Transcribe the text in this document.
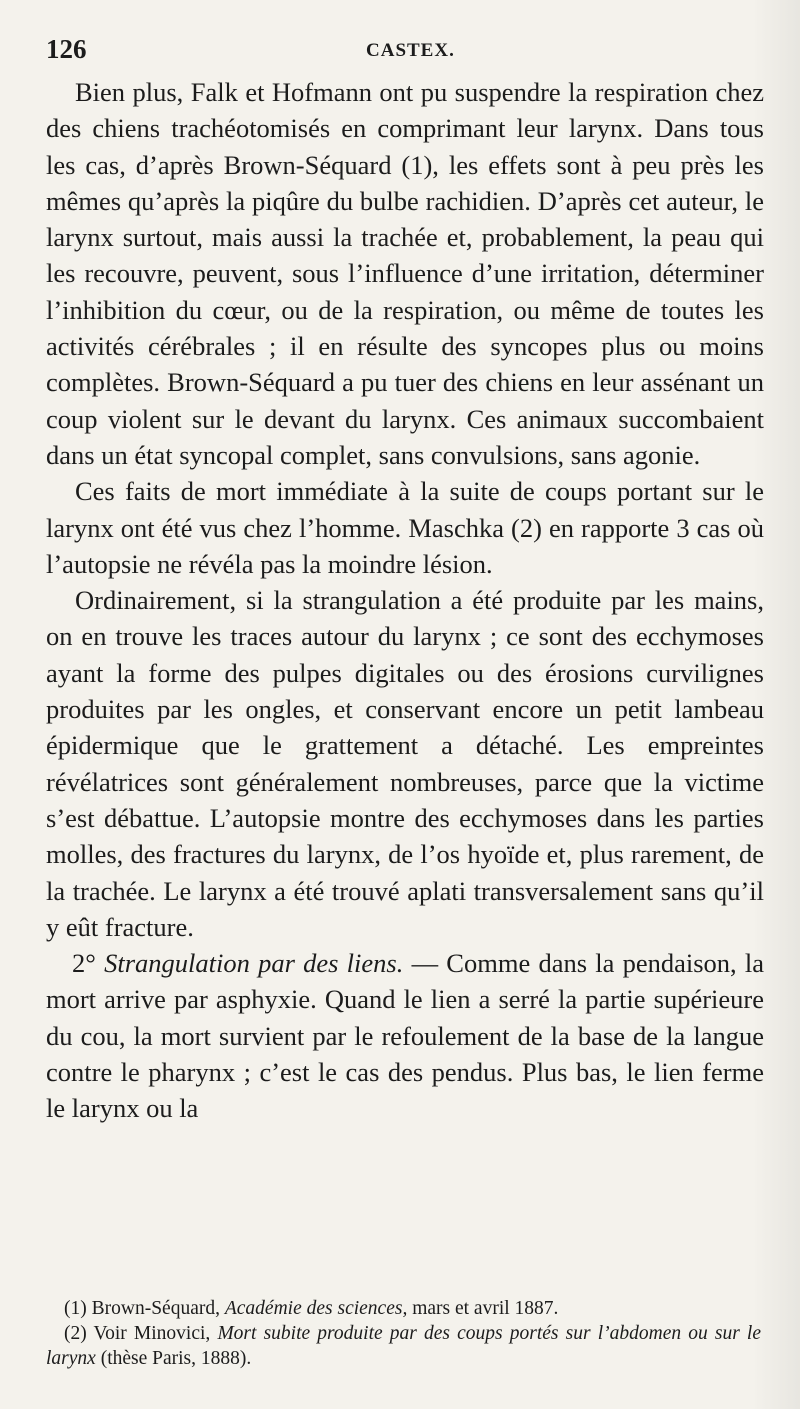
126	CASTEX.

Bien plus, Falk et Hofmann ont pu suspendre la respiration chez des chiens trachéotomisés en comprimant leur larynx. Dans tous les cas, d’après Brown-Séquard (1), les effets sont à peu près les mêmes qu’après la piqûre du bulbe rachidien. D’après cet auteur, le larynx surtout, mais aussi la trachée et, probablement, la peau qui les recouvre, peuvent, sous l’influence d’une irritation, déterminer l’inhibition du cœur, ou de la respiration, ou même de toutes les activités cérébrales ; il en résulte des syncopes plus ou moins complètes. Brown-Séquard a pu tuer des chiens en leur assénant un coup violent sur le devant du larynx. Ces animaux succombaient dans un état syncopal complet, sans convulsions, sans agonie.

Ces faits de mort immédiate à la suite de coups portant sur le larynx ont été vus chez l’homme. Maschka (2) en rapporte 3 cas où l’autopsie ne révéla pas la moindre lésion.

Ordinairement, si la strangulation a été produite par les mains, on en trouve les traces autour du larynx ; ce sont des ecchymoses ayant la forme des pulpes digitales ou des érosions curvilignes produites par les ongles, et conservant encore un petit lambeau épidermique que le grattement a détaché. Les empreintes révélatrices sont généralement nombreuses, parce que la victime s’est débattue. L’autopsie montre des ecchymoses dans les parties molles, des fractures du larynx, de l’os hyoïde et, plus rarement, de la trachée. Le larynx a été trouvé aplati transversalement sans qu’il y eût fracture.

2° Strangulation par des liens. — Comme dans la pendaison, la mort arrive par asphyxie. Quand le lien a serré la partie supérieure du cou, la mort survient par le refoulement de la base de la langue contre le pharynx ; c’est le cas des pendus. Plus bas, le lien ferme le larynx ou la

(1) Brown-Séquard, Académie des sciences, mars et avril 1887.

(2) Voir Minovici, Mort subite produite par des coups portés sur l’abdomen ou sur le larynx (thèse Paris, 1888).
